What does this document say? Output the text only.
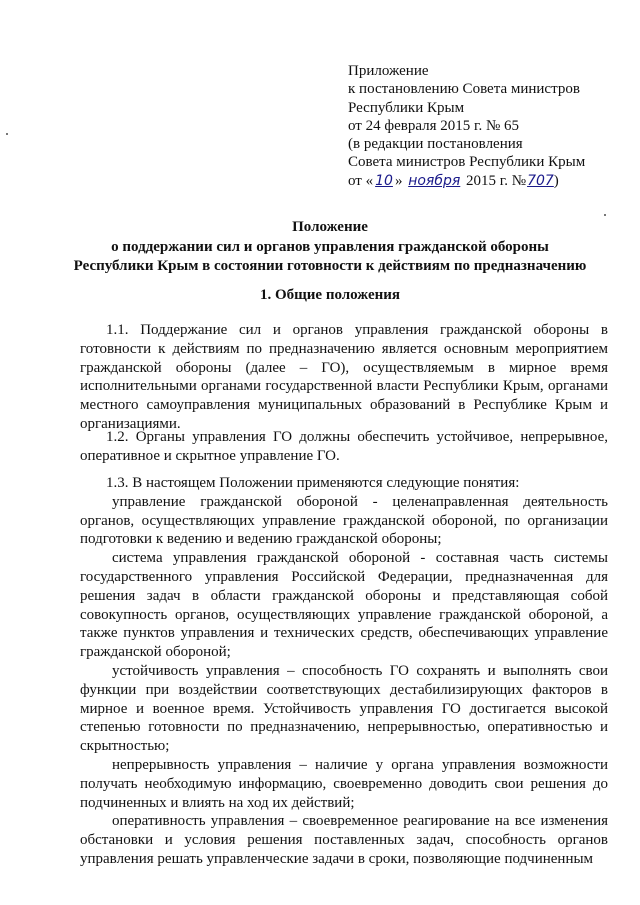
Приложение
к постановлению Совета министров
Республики Крым
от 24 февраля 2015 г. № 65
(в редакции постановления
Совета министров Республики Крым
от « 10 » ноября 2015 г. №707)
Положение
о поддержании сил и органов управления гражданской обороны
Республики Крым в состоянии готовности к действиям по предназначению
1. Общие положения

1.1. Поддержание сил и органов управления гражданской обороны в готовности к действиям по предназначению является основным мероприятием гражданской обороны (далее – ГО), осуществляемым в мирное время исполнительными органами государственной власти Республики Крым, органами местного самоуправления муниципальных образований в Республике Крым и организациями.

1.2. Органы управления ГО должны обеспечить устойчивое, непрерывное, оперативное и скрытное управление ГО.

1.3. В настоящем Положении применяются следующие понятия:

управление гражданской обороной - целенаправленная деятельность органов, осуществляющих управление гражданской обороной, по организации подготовки к ведению и ведению гражданской обороны;

система управления гражданской обороной - составная часть системы государственного управления Российской Федерации, предназначенная для решения задач в области гражданской обороны и представляющая собой совокупность органов, осуществляющих управление гражданской обороной, а также пунктов управления и технических средств, обеспечивающих управление гражданской обороной;

устойчивость управления – способность ГО сохранять и выполнять свои функции при воздействии соответствующих дестабилизирующих факторов в мирное и военное время. Устойчивость управления ГО достигается высокой степенью готовности по предназначению, непрерывностью, оперативностью и скрытностью;

непрерывность управления – наличие у органа управления возможности получать необходимую информацию, своевременно доводить свои решения до подчиненных и влиять на ход их действий;

оперативность управления – своевременное реагирование на все изменения обстановки и условия решения поставленных задач, способность органов управления решать управленческие задачи в сроки, позволяющие подчиненным
